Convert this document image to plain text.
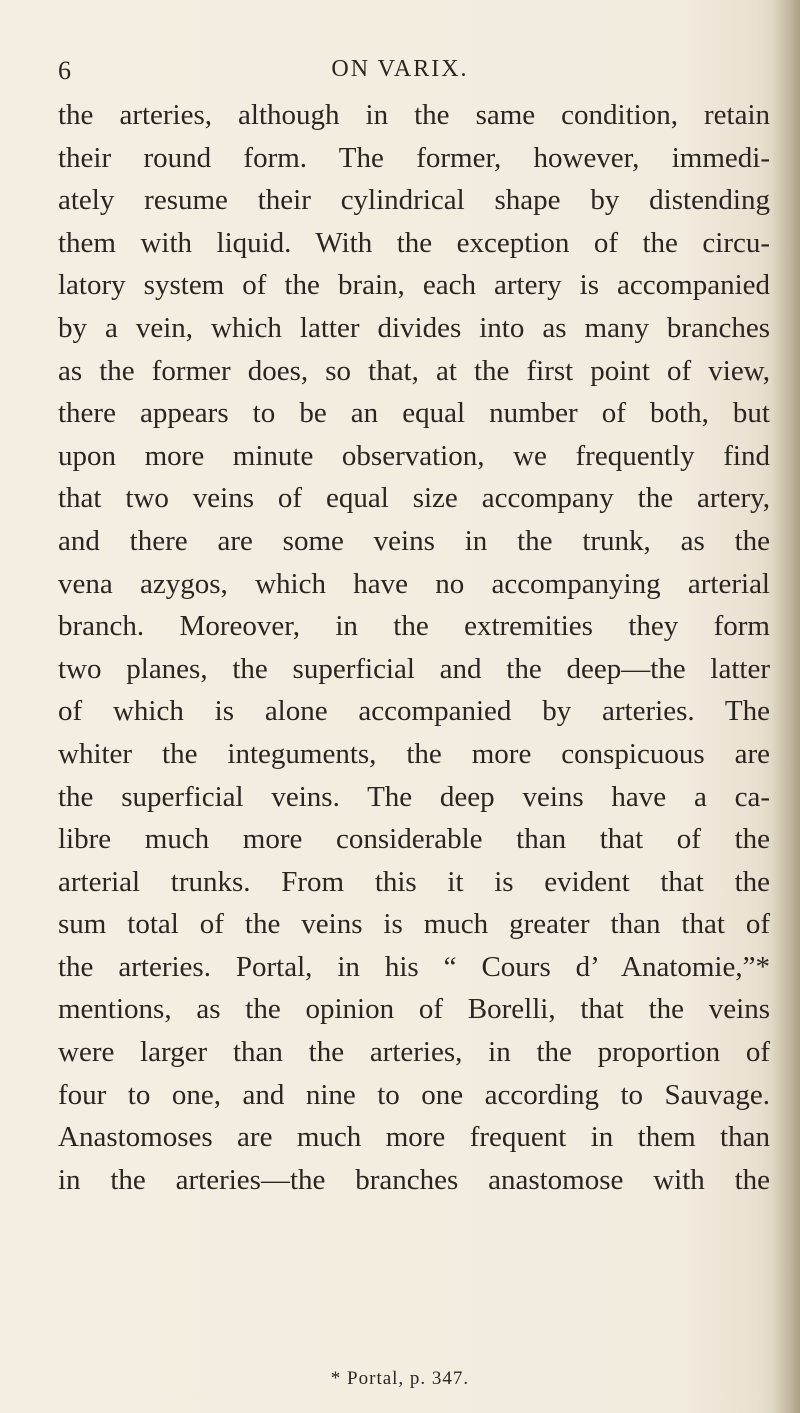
6	ON VARIX.
the arteries, although in the same condition, retain
their round form. The former, however, immedi-
ately resume their cylindrical shape by distending
them with liquid. With the exception of the circu-
latory system of the brain, each artery is accompanied
by a vein, which latter divides into as many branches
as the former does, so that, at the first point of view,
there appears to be an equal number of both, but
upon more minute observation, we frequently find
that two veins of equal size accompany the artery,
and there are some veins in the trunk, as the
vena azygos, which have no accompanying arterial
branch. Moreover, in the extremities they form
two planes, the superficial and the deep—the latter
of which is alone accompanied by arteries. The
whiter the integuments, the more conspicuous are
the superficial veins. The deep veins have a ca-
libre much more considerable than that of the
arterial trunks. From this it is evident that the
sum total of the veins is much greater than that of
the arteries. Portal, in his “ Cours d’ Anatomie,”*
mentions, as the opinion of Borelli, that the veins
were larger than the arteries, in the proportion of
four to one, and nine to one according to Sauvage.
Anastomoses are much more frequent in them than
in the arteries—the branches anastomose with the
* Portal, p. 347.
